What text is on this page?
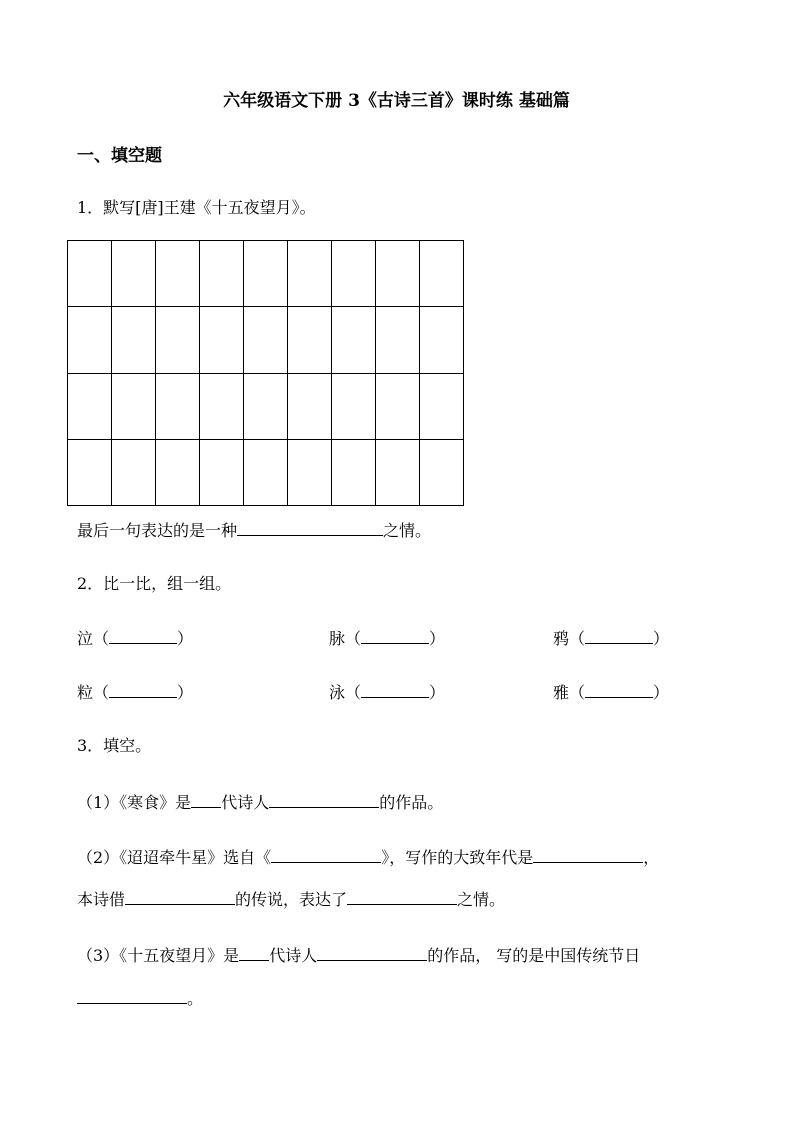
六年级语文下册 3《古诗三首》课时练 基础篇
一、填空题
1．默写[唐]王建《十五夜望月》。
最后一句表达的是一种	之情。
2．比一比，组一组。
泣（	）	脉（	）	鸦（	）
粒（	）	泳（	）	雅（	）
3．填空。
（1）《寒食》是 代诗人	的作品。
（2）《迢迢牵牛星》选自《	》，写作的大致年代是	，
本诗借	的传说，表达了	之情。
（3）《十五夜望月》是 代诗人	的作品， 写的是中国传统节日
。
